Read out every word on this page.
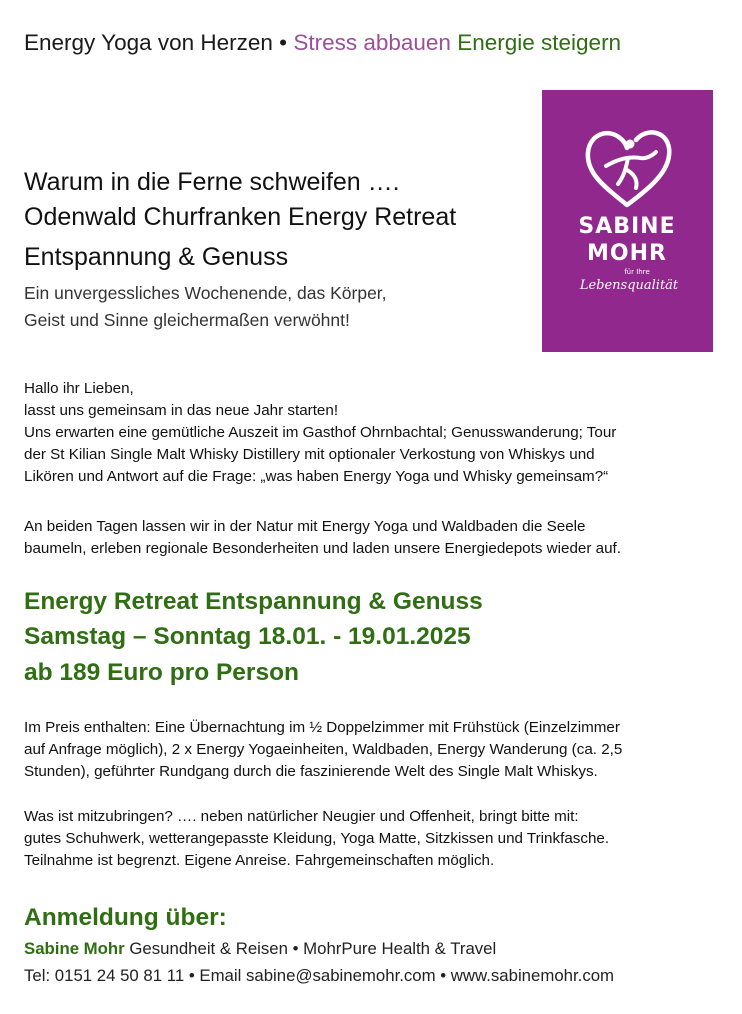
Energy Yoga von Herzen • Stress abbauen Energie steigern
SABINE
MOHR
für Ihre
Lebensqualität
Warum in die Ferne schweifen ….
Odenwald Churfranken Energy Retreat
Entspannung & Genuss
Ein unvergessliches Wochenende, das Körper,
Geist und Sinne gleichermaßen verwöhnt!
Hallo ihr Lieben,
lasst uns gemeinsam in das neue Jahr starten!
Uns erwarten eine gemütliche Auszeit im Gasthof Ohrnbachtal; Genusswanderung; Tour
der St Kilian Single Malt Whisky Distillery mit optionaler Verkostung von Whiskys und
Likören und Antwort auf die Frage: „was haben Energy Yoga und Whisky gemeinsam?“
An beiden Tagen lassen wir in der Natur mit Energy Yoga und Waldbaden die Seele
baumeln, erleben regionale Besonderheiten und laden unsere Energiedepots wieder auf.
Energy Retreat Entspannung & Genuss
Samstag – Sonntag 18.01. - 19.01.2025
ab 189 Euro pro Person
Im Preis enthalten: Eine Übernachtung im ½ Doppelzimmer mit Frühstück (Einzelzimmer
auf Anfrage möglich), 2 x Energy Yogaeinheiten, Waldbaden, Energy Wanderung (ca. 2,5
Stunden), geführter Rundgang durch die faszinierende Welt des Single Malt Whiskys.
Was ist mitzubringen? …. neben natürlicher Neugier und Offenheit, bringt bitte mit:
gutes Schuhwerk, wetterangepasste Kleidung, Yoga Matte, Sitzkissen und Trinkfasche.
Teilnahme ist begrenzt. Eigene Anreise. Fahrgemeinschaften möglich.
Anmeldung über:
Sabine Mohr Gesundheit & Reisen • MohrPure Health & Travel
Tel: 0151 24 50 81 11 • Email sabine@sabinemohr.com • www.sabinemohr.com
